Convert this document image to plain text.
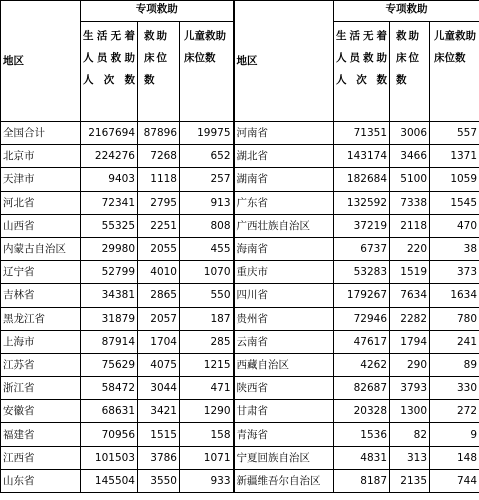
地区	专项救助			地区	专项救助		
	生活无着人员救助人次数	救助床位数	儿童救助床位数		生活无着人员救助人次数	救助床位数	儿童救助床位数
全国合计	2167694	87896	19975	河南省	71351	3006	557
北京市	224276	7268	652	湖北省	143174	3466	1371
天津市	9403	1118	257	湖南省	182684	5100	1059
河北省	72341	2795	913	广东省	132592	7338	1545
山西省	55325	2251	808	广西壮族自治区	37219	2118	470
内蒙古自治区	29980	2055	455	海南省	6737	220	38
辽宁省	52799	4010	1070	重庆市	53283	1519	373
吉林省	34381	2865	550	四川省	179267	7634	1634
黑龙江省	31879	2057	187	贵州省	72946	2282	780
上海市	87914	1704	285	云南省	47617	1794	241
江苏省	75629	4075	1215	西藏自治区	4262	290	89
浙江省	58472	3044	471	陕西省	82687	3793	330
安徽省	68631	3421	1290	甘肃省	20328	1300	272
福建省	70956	1515	158	青海省	1536	82	9
江西省	101503	3786	1071	宁夏回族自治区	4831	313	148
山东省	145504	3550	933	新疆维吾尔自治区	8187	2135	744
